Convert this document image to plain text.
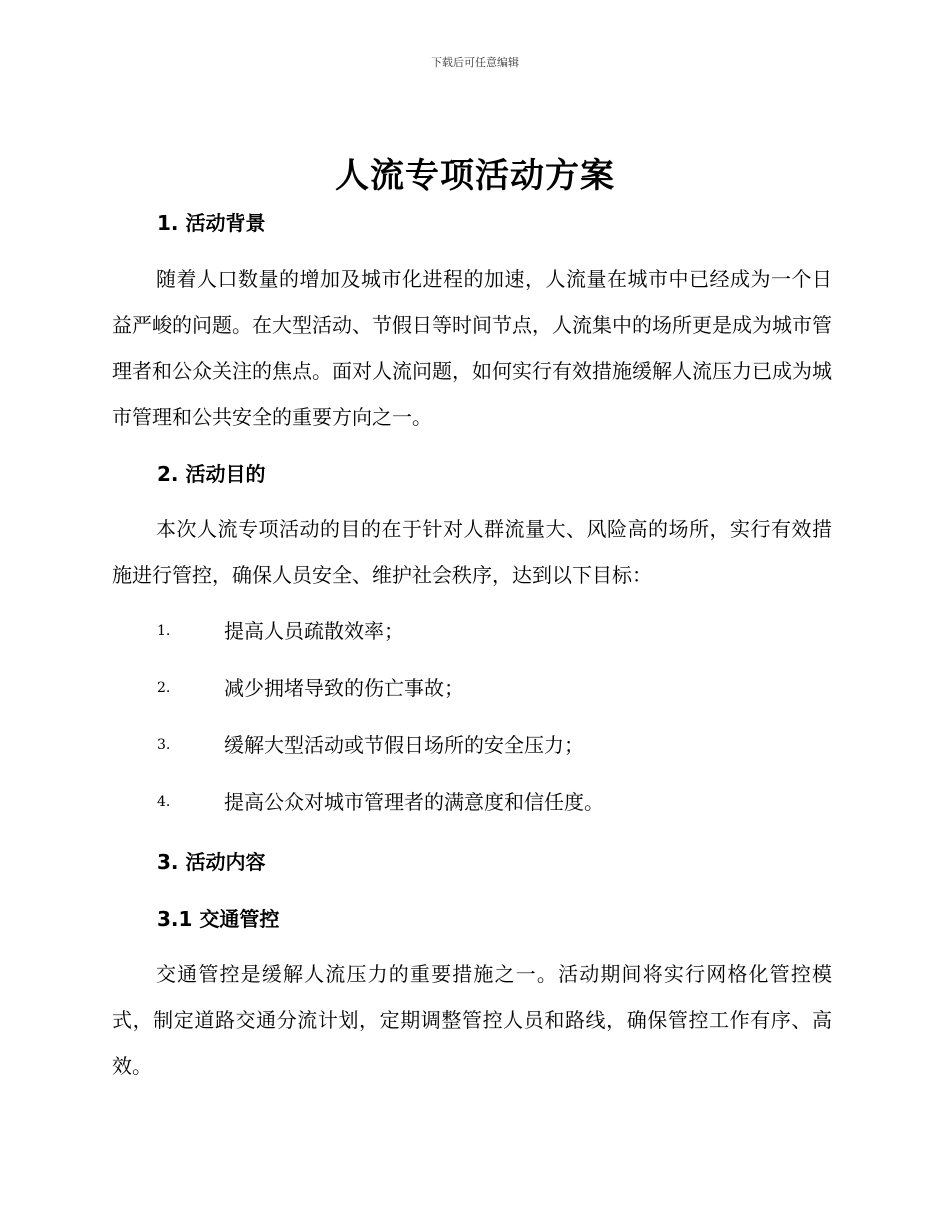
下载后可任意编辑
人流专项活动方案
1. 活动背景

随着人口数量的增加及城市化进程的加速，人流量在城市中已经成为一个日益严峻的问题。在大型活动、节假日等时间节点，人流集中的场所更是成为城市管理者和公众关注的焦点。面对人流问题，如何实行有效措施缓解人流压力已成为城市管理和公共安全的重要方向之一。

2. 活动目的

本次人流专项活动的目的在于针对人群流量大、风险高的场所，实行有效措施进行管控，确保人员安全、维护社会秩序，达到以下目标：

1.	提高人员疏散效率；
2.	减少拥堵导致的伤亡事故；
3.	缓解大型活动或节假日场所的安全压力；
4.	提高公众对城市管理者的满意度和信任度。
3. 活动内容
3.1 交通管控

交通管控是缓解人流压力的重要措施之一。活动期间将实行网格化管控模式，制定道路交通分流计划，定期调整管控人员和路线，确保管控工作有序、高效。
